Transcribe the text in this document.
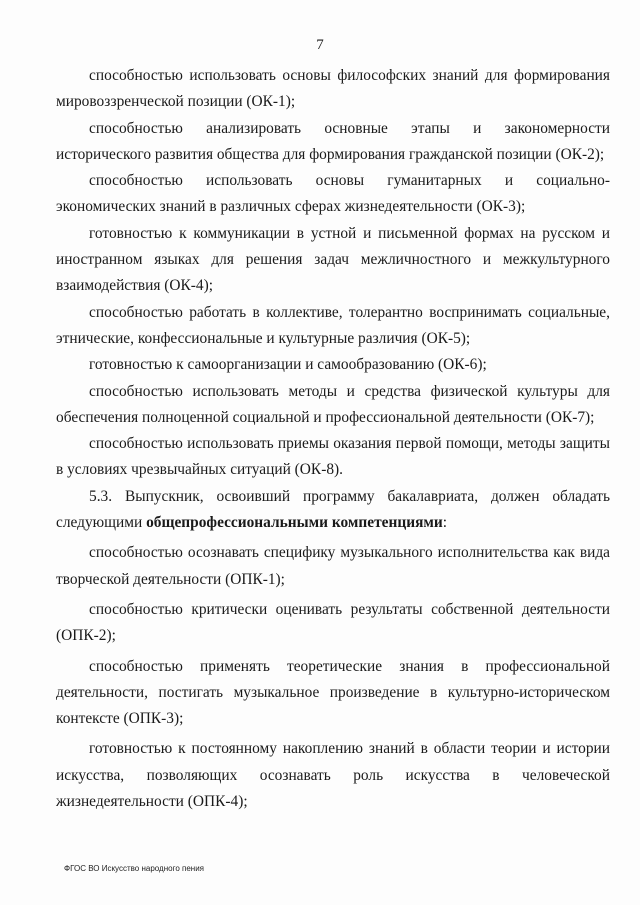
7

способностью использовать основы философских знаний для формирования мировоззренческой позиции (ОК-1);

способностью анализировать основные этапы и закономерности исторического развития общества для формирования гражданской позиции (ОК-2);

способностью использовать основы гуманитарных и социально-экономических знаний в различных сферах жизнедеятельности (ОК-3);

готовностью к коммуникации в устной и письменной формах на русском и иностранном языках для решения задач межличностного и межкультурного взаимодействия (ОК-4);

способностью работать в коллективе, толерантно воспринимать социальные, этнические, конфессиональные и культурные различия (ОК-5);

готовностью к самоорганизации и самообразованию (ОК-6);

способностью использовать методы и средства физической культуры для обеспечения полноценной социальной и профессиональной деятельности (ОК-7);

способностью использовать приемы оказания первой помощи, методы защиты в условиях чрезвычайных ситуаций (ОК-8).

5.3. Выпускник, освоивший программу бакалавриата, должен обладать следующими общепрофессиональными компетенциями:

способностью осознавать специфику музыкального исполнительства как вида творческой деятельности (ОПК-1);

способностью критически оценивать результаты собственной деятельности (ОПК-2);

способностью применять теоретические знания в профессиональной деятельности, постигать музыкальное произведение в культурно-историческом контексте (ОПК-3);

готовностью к постоянному накоплению знаний в области теории и истории искусства, позволяющих осознавать роль искусства в человеческой жизнедеятельности (ОПК-4);

ФГОС ВО Искусство народного пения
